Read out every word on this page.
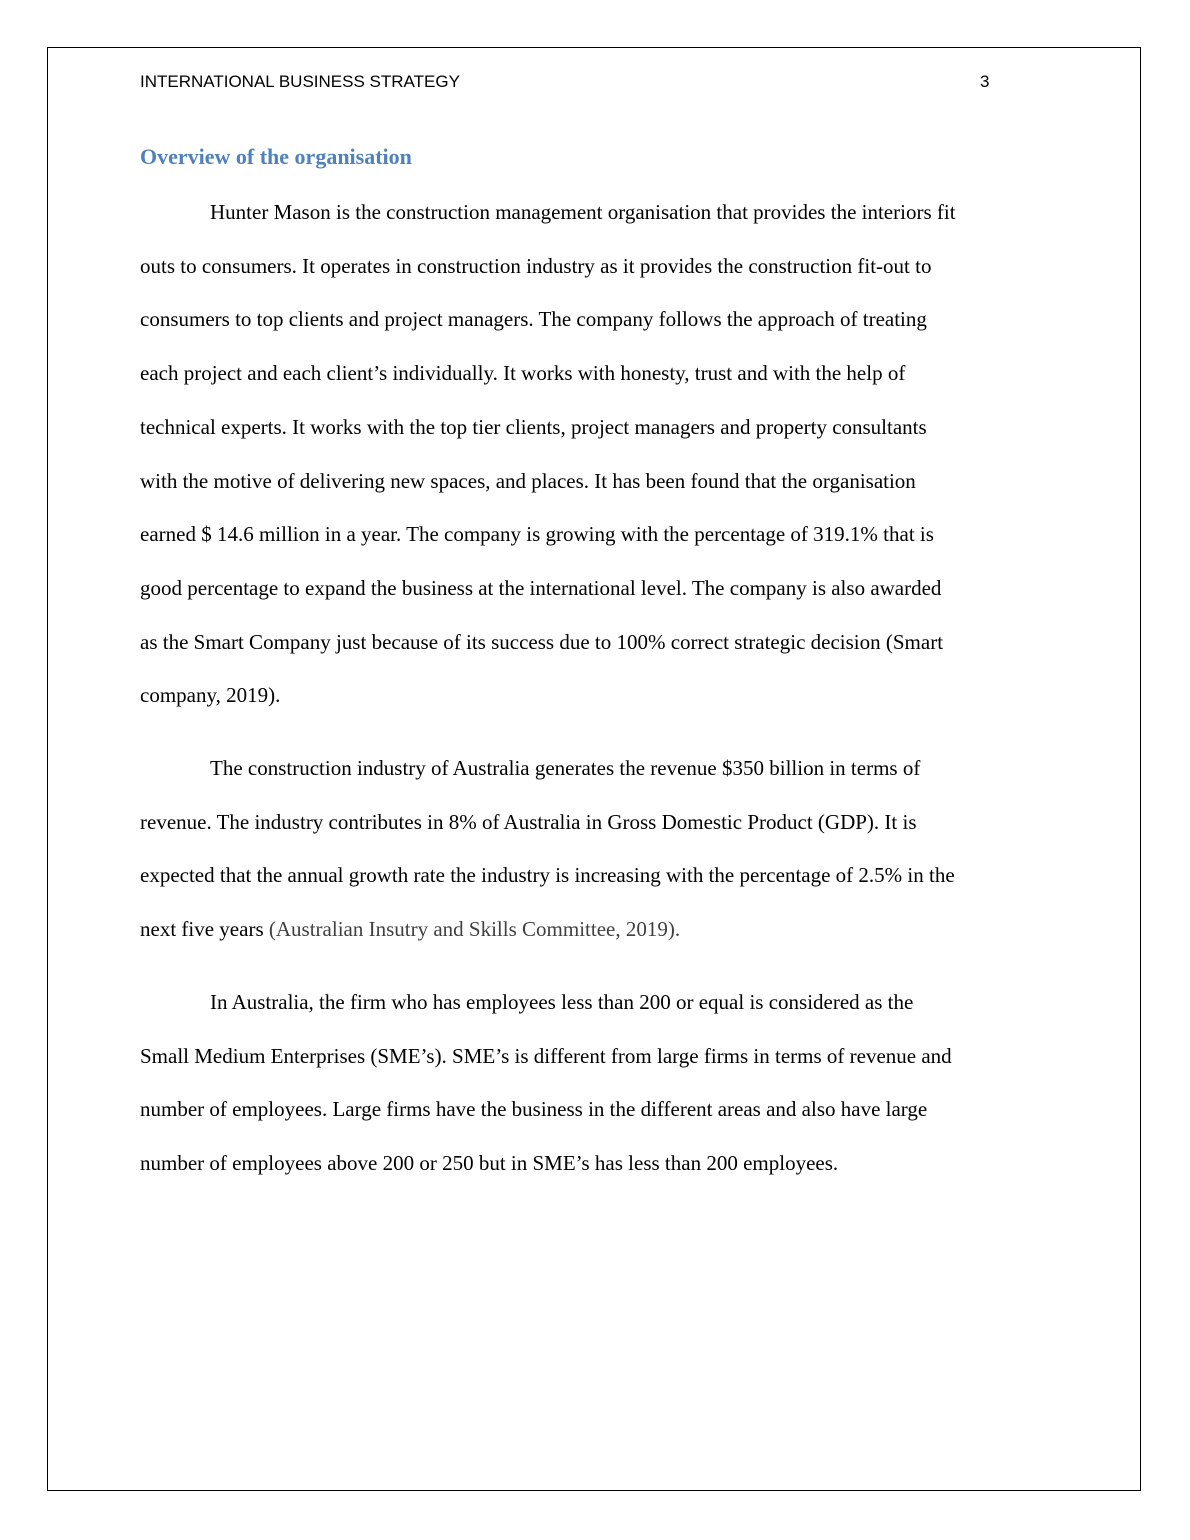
INTERNATIONAL BUSINESS STRATEGY	3
Overview of the organisation

Hunter Mason is the construction management organisation that provides the interiors fit
outs to consumers. It operates in construction industry as it provides the construction fit-out to
consumers to top clients and project managers. The company follows the approach of treating
each project and each client’s individually. It works with honesty, trust and with the help of
technical experts. It works with the top tier clients, project managers and property consultants
with the motive of delivering new spaces, and places. It has been found that the organisation
earned $ 14.6 million in a year. The company is growing with the percentage of 319.1% that is
good percentage to expand the business at the international level. The company is also awarded
as the Smart Company just because of its success due to 100% correct strategic decision (Smart
company, 2019).

The construction industry of Australia generates the revenue $350 billion in terms of
revenue. The industry contributes in 8% of Australia in Gross Domestic Product (GDP). It is
expected that the annual growth rate the industry is increasing with the percentage of 2.5% in the
next five years (Australian Insutry and Skills Committee, 2019).

In Australia, the firm who has employees less than 200 or equal is considered as the
Small Medium Enterprises (SME’s). SME’s is different from large firms in terms of revenue and
number of employees. Large firms have the business in the different areas and also have large
number of employees above 200 or 250 but in SME’s has less than 200 employees.
